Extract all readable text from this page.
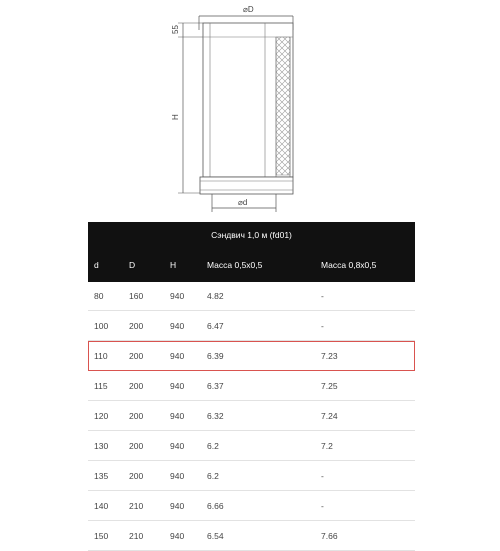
⌀D
55
H
⌀d
Сэндвич 1,0 м (fd01)
d	D	H	Масса 0,5х0,5	Масса 0,8х0,5
80	160	940	4.82	-
100	200	940	6.47	-
110	200	940	6.39	7.23
115	200	940	6.37	7.25
120	200	940	6.32	7.24
130	200	940	6.2	7.2
135	200	940	6.2	-
140	210	940	6.66	-
150	210	940	6.54	7.66
